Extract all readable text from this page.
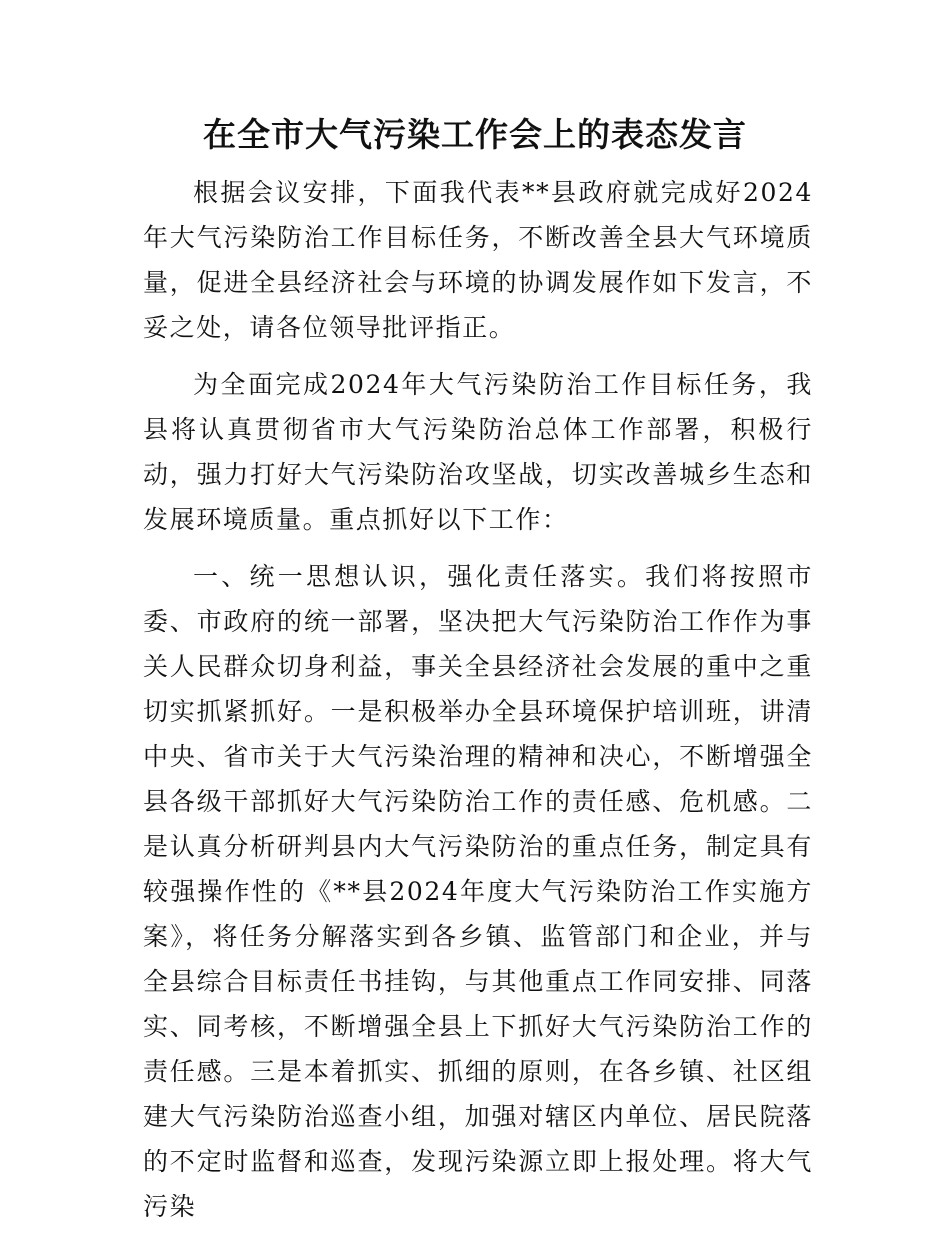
在全市大气污染工作会上的表态发言

根据会议安排，下面我代表**县政府就完成好2024年大气污染防治工作目标任务，不断改善全县大气环境质量，促进全县经济社会与环境的协调发展作如下发言，不妥之处，请各位领导批评指正。

为全面完成2024年大气污染防治工作目标任务，我县将认真贯彻省市大气污染防治总体工作部署，积极行动，强力打好大气污染防治攻坚战，切实改善城乡生态和发展环境质量。重点抓好以下工作：

一、统一思想认识，强化责任落实。我们将按照市委、市政府的统一部署，坚决把大气污染防治工作作为事关人民群众切身利益，事关全县经济社会发展的重中之重切实抓紧抓好。一是积极举办全县环境保护培训班，讲清中央、省市关于大气污染治理的精神和决心，不断增强全县各级干部抓好大气污染防治工作的责任感、危机感。二是认真分析研判县内大气污染防治的重点任务，制定具有较强操作性的《**县2024年度大气污染防治工作实施方案》，将任务分解落实到各乡镇、监管部门和企业，并与全县综合目标责任书挂钩，与其他重点工作同安排、同落实、同考核，不断增强全县上下抓好大气污染防治工作的责任感。三是本着抓实、抓细的原则，在各乡镇、社区组建大气污染防治巡查小组，加强对辖区内单位、居民院落的不定时监督和巡查，发现污染源立即上报处理。将大气污染
